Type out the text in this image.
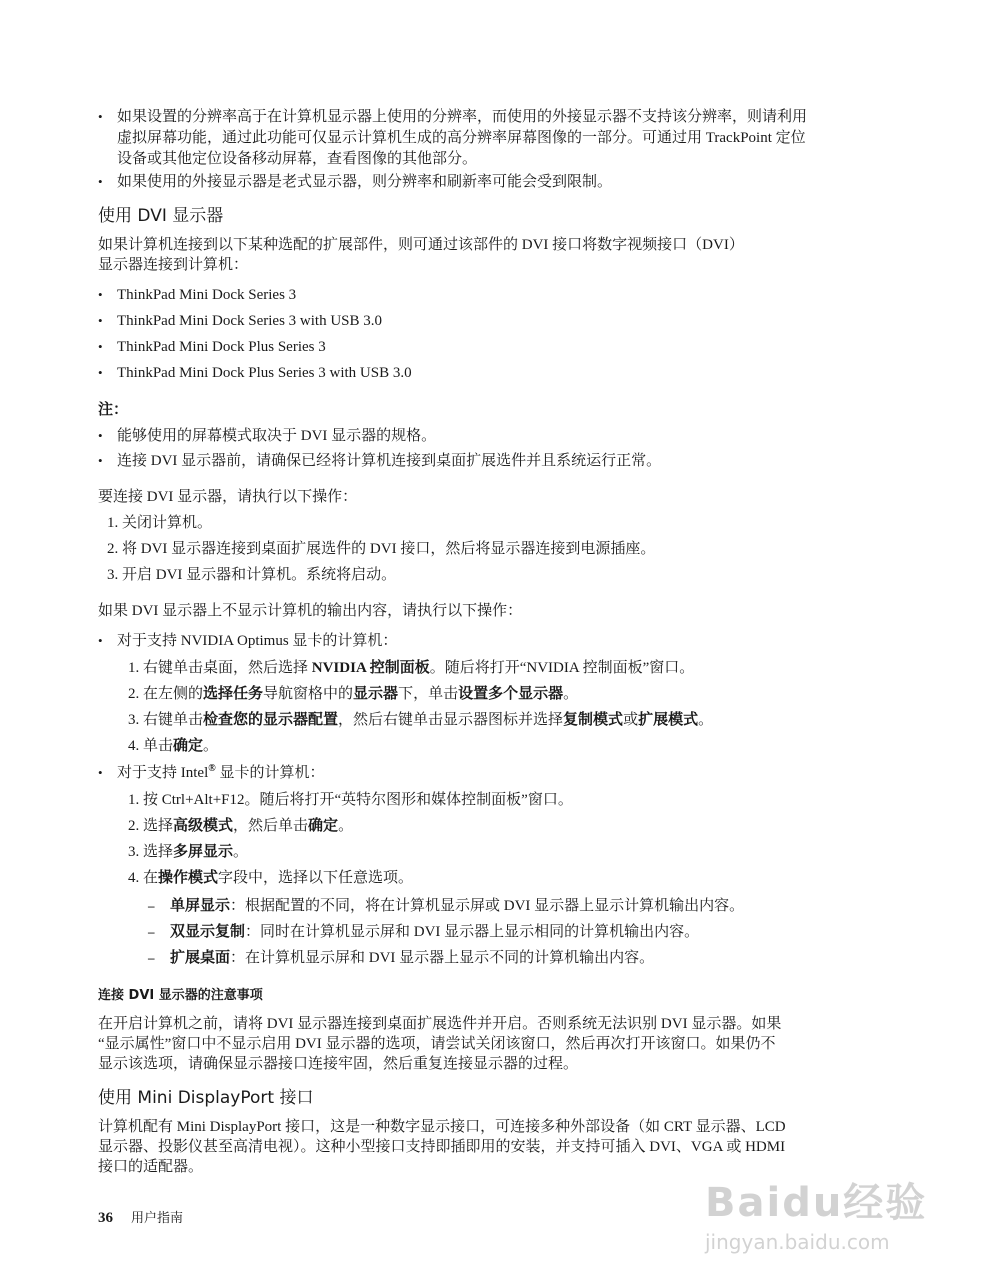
• 如果设置的分辨率高于在计算机显示器上使用的分辨率，而使用的外接显示器不支持该分辨率，则请利用
虚拟屏幕功能，通过此功能可仅显示计算机生成的高分辨率屏幕图像的一部分。可通过用 TrackPoint 定位
设备或其他定位设备移动屏幕，查看图像的其他部分。
• 如果使用的外接显示器是老式显示器，则分辨率和刷新率可能会受到限制。
使用 DVI 显示器
如果计算机连接到以下某种选配的扩展部件，则可通过该部件的 DVI 接口将数字视频接口（DVI）
显示器连接到计算机：
• ThinkPad Mini Dock Series 3
• ThinkPad Mini Dock Series 3 with USB 3.0
• ThinkPad Mini Dock Plus Series 3
• ThinkPad Mini Dock Plus Series 3 with USB 3.0
注：
• 能够使用的屏幕模式取决于 DVI 显示器的规格。
• 连接 DVI 显示器前，请确保已经将计算机连接到桌面扩展选件并且系统运行正常。
要连接 DVI 显示器，请执行以下操作：
1. 关闭计算机。
2. 将 DVI 显示器连接到桌面扩展选件的 DVI 接口，然后将显示器连接到电源插座。
3. 开启 DVI 显示器和计算机。系统将启动。
如果 DVI 显示器上不显示计算机的输出内容，请执行以下操作：
• 对于支持 NVIDIA Optimus 显卡的计算机：
1. 右键单击桌面，然后选择 NVIDIA 控制面板。随后将打开“NVIDIA 控制面板”窗口。
2. 在左侧的选择任务导航窗格中的显示器下，单击设置多个显示器。
3. 右键单击检查您的显示器配置，然后右键单击显示器图标并选择复制模式或扩展模式。
4. 单击确定。
• 对于支持 Intel® 显卡的计算机：
1. 按 Ctrl+Alt+F12。随后将打开“英特尔图形和媒体控制面板”窗口。
2. 选择高级模式，然后单击确定。
3. 选择多屏显示。
4. 在操作模式字段中，选择以下任意选项。
– 单屏显示：根据配置的不同，将在计算机显示屏或 DVI 显示器上显示计算机输出内容。
– 双显示复制：同时在计算机显示屏和 DVI 显示器上显示相同的计算机输出内容。
– 扩展桌面：在计算机显示屏和 DVI 显示器上显示不同的计算机输出内容。
连接 DVI 显示器的注意事项
在开启计算机之前，请将 DVI 显示器连接到桌面扩展选件并开启。否则系统无法识别 DVI 显示器。如果
“显示属性”窗口中不显示启用 DVI 显示器的选项，请尝试关闭该窗口，然后再次打开该窗口。如果仍不
显示该选项，请确保显示器接口连接牢固，然后重复连接显示器的过程。
使用 Mini DisplayPort 接口
计算机配有 Mini DisplayPort 接口，这是一种数字显示接口，可连接多种外部设备（如 CRT 显示器、LCD
显示器、投影仪甚至高清电视）。这种小型接口支持即插即用的安装，并支持可插入 DVI、VGA 或 HDMI
接口的适配器。
36 用户指南	Baidu经验
jingyan.baidu.com
